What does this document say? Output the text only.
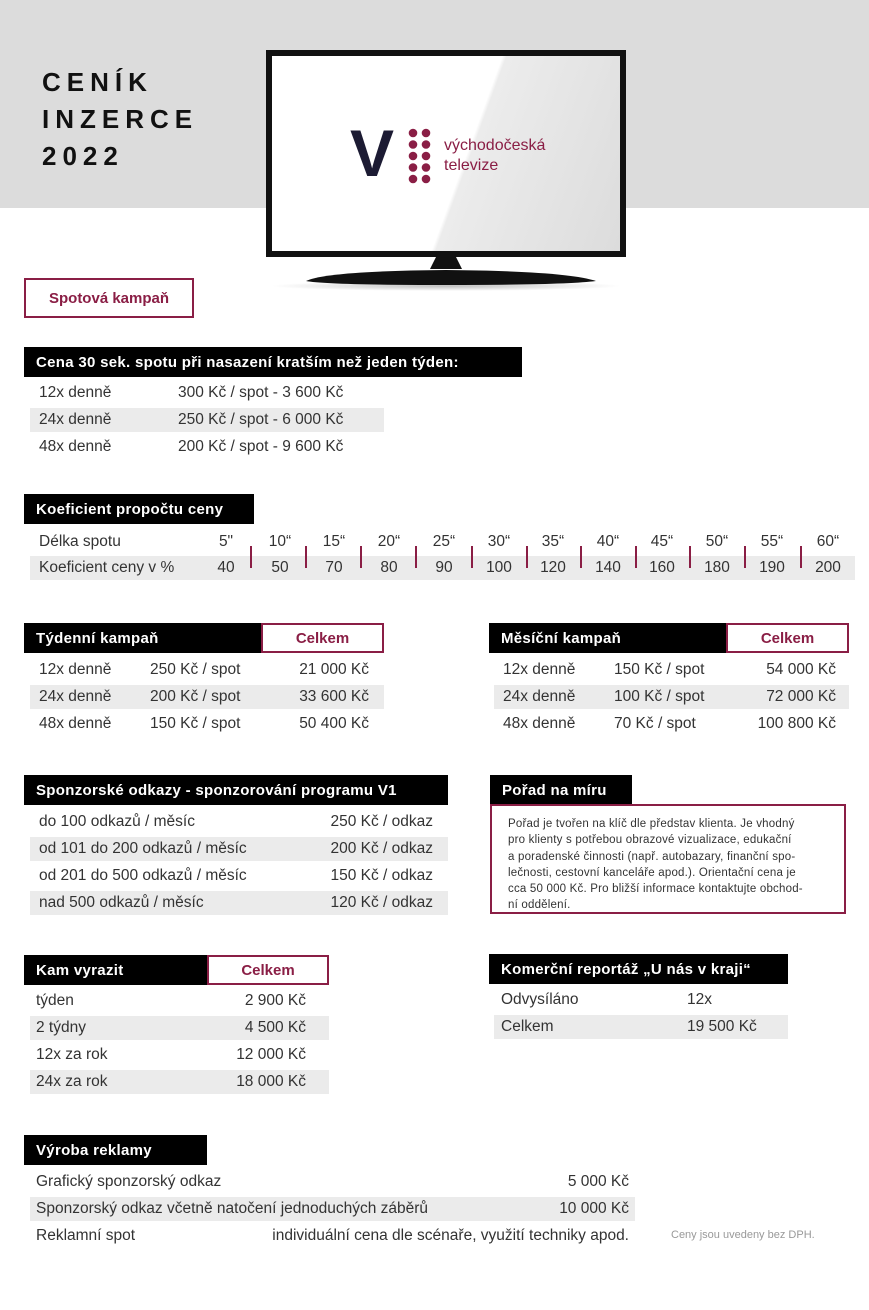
CENÍK
INZERCE
2022	V	východočeská
televize
Spotová kampaň
Cena 30 sek. spotu při nasazení kratším než jeden týden:
12x denně	300 Kč / spot - 3 600 Kč
24x denně	250 Kč / spot - 6 000 Kč
48x denně	200 Kč / spot - 9 600 Kč
Koeficient propočtu ceny
Délka spotu	5"	10“	15“	20“	25“	30“	35“	40“	45“	50“	55“	60“
Koeficient ceny v %	40	50	70	80	90	100	120	140	160	180	190	200
Týdenní kampaň	Celkem
12x denně 250 Kč / spot	21 000 Kč
24x denně 200 Kč / spot	33 600 Kč
48x denně 150 Kč / spot	50 400 Kč
Měsíční kampaň	Celkem
12x denně 150 Kč / spot	54 000 Kč
24x denně 100 Kč / spot	72 000 Kč
48x denně 70 Kč / spot	100 800 Kč
Sponzorské odkazy - sponzorování programu V1
do 100 odkazů / měsíc	250 Kč / odkaz
od 101 do 200 odkazů / měsíc	200 Kč / odkaz
od 201 do 500 odkazů / měsíc	150 Kč / odkaz
nad 500 odkazů / měsíc	120 Kč / odkaz
Pořad na míru
Pořad je tvořen na klíč dle představ klienta. Je vhodný
pro klienty s potřebou obrazové vizualizace, edukační
a poradenské činnosti (např. autobazary, finanční spo-
lečnosti, cestovní kanceláře apod.). Orientační cena je
cca 50 000 Kč. Pro bližší informace kontaktujte obchod-
ní oddělení.
Kam vyrazit	Celkem
týden	2 900 Kč
2 týdny	4 500 Kč
12x za rok	12 000 Kč
24x za rok	18 000 Kč
Komerční reportáž „U nás v kraji“
Odvysíláno	12x
Celkem	19 500 Kč
Výroba reklamy
Grafický sponzorský odkaz	5 000 Kč
Sponzorský odkaz včetně natočení jednoduchých záběrů	10 000 Kč
Reklamní spot	individuální cena dle scénaře, využití techniky apod.	Ceny jsou uvedeny bez DPH.
